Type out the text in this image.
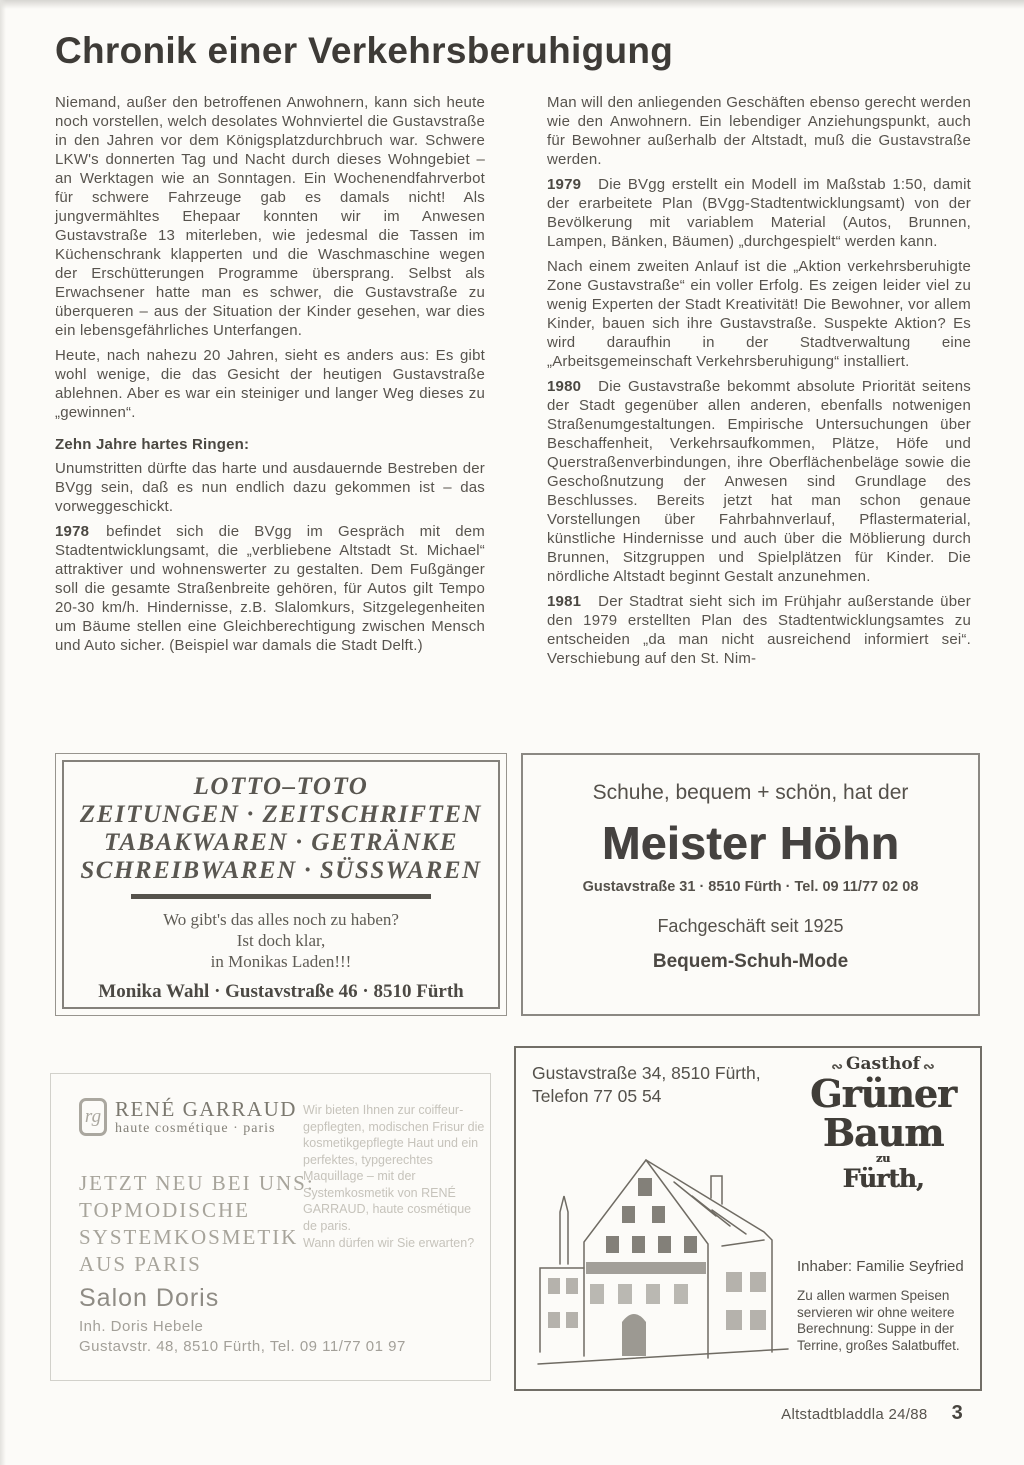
Chronik einer Verkehrsberuhigung

Niemand, außer den betroffenen Anwohnern, kann sich heute noch vorstellen, welch desolates Wohnviertel die Gustavstraße in den Jahren vor dem Königsplatzdurchbruch war. Schwere LKW's donnerten Tag und Nacht durch dieses Wohngebiet – an Werktagen wie an Sonntagen. Ein Wochenendfahrverbot für schwere Fahrzeuge gab es damals nicht! Als jungvermähltes Ehepaar konnten wir im Anwesen Gustavstraße 13 miterleben, wie jedesmal die Tassen im Küchenschrank klapperten und die Waschmaschine wegen der Erschütterungen Programme übersprang. Selbst als Erwachsener hatte man es schwer, die Gustavstraße zu überqueren – aus der Situation der Kinder gesehen, war dies ein lebensgefährliches Unterfangen.

Heute, nach nahezu 20 Jahren, sieht es anders aus: Es gibt wohl wenige, die das Gesicht der heutigen Gustavstraße ablehnen. Aber es war ein steiniger und langer Weg dieses zu „gewinnen“.

Zehn Jahre hartes Ringen:

Unumstritten dürfte das harte und ausdauernde Bestreben der BVgg sein, daß es nun endlich dazu gekommen ist – das vorweggeschickt.

1978 befindet sich die BVgg im Gespräch mit dem Stadtentwicklungsamt, die „verbliebene Altstadt St. Michael“ attraktiver und wohnenswerter zu gestalten. Dem Fußgänger soll die gesamte Straßenbreite gehören, für Autos gilt Tempo 20-30 km/h. Hindernisse, z.B. Slalomkurs, Sitzgelegenheiten um Bäume stellen eine Gleichberechtigung zwischen Mensch und Auto sicher. (Beispiel war damals die Stadt Delft.)

Man will den anliegenden Geschäften ebenso gerecht werden wie den Anwohnern. Ein lebendiger Anziehungspunkt, auch für Bewohner außerhalb der Altstadt, muß die Gustavstraße werden.

1979 Die BVgg erstellt ein Modell im Maßstab 1:50, damit der erarbeitete Plan (BVgg-Stadtentwicklungsamt) von der Bevölkerung mit variablem Material (Autos, Brunnen, Lampen, Bänken, Bäumen) „durchgespielt“ werden kann.

Nach einem zweiten Anlauf ist die „Aktion verkehrsberuhigte Zone Gustavstraße“ ein voller Erfolg. Es zeigen leider viel zu wenig Experten der Stadt Kreativität! Die Bewohner, vor allem Kinder, bauen sich ihre Gustavstraße. Suspekte Aktion? Es wird daraufhin in der Stadtverwaltung eine „Arbeitsgemeinschaft Verkehrsberuhigung“ installiert.

1980 Die Gustavstraße bekommt absolute Priorität seitens der Stadt gegenüber allen anderen, ebenfalls notwenigen Straßenumgestaltungen. Empirische Untersuchungen über Beschaffenheit, Verkehrsaufkommen, Plätze, Höfe und Querstraßenverbindungen, ihre Oberflächenbeläge sowie die Geschoßnutzung der Anwesen sind Grundlage des Beschlusses. Bereits jetzt hat man schon genaue Vorstellungen über Fahrbahnverlauf, Pflastermaterial, künstliche Hindernisse und auch über die Möblierung durch Brunnen, Sitzgruppen und Spielplätzen für Kinder. Die nördliche Altstadt beginnt Gestalt anzunehmen.

1981 Der Stadtrat sieht sich im Frühjahr außerstande über den 1979 erstellten Plan des Stadtentwicklungsamtes zu entscheiden „da man nicht ausreichend informiert sei“. Verschiebung auf den St. Nim-

LOTTO–TOTO
ZEITUNGEN · ZEITSCHRIFTEN
TABAKWAREN · GETRÄNKE
SCHREIBWAREN · SÜSSWAREN
Wo gibt's das alles noch zu haben?
Ist doch klar,
in Monikas Laden!!!
Monika Wahl · Gustavstraße 46 · 8510 Fürth
Schuhe, bequem + schön, hat der
Meister Höhn
Gustavstraße 31 · 8510 Fürth · Tel. 09 11/77 02 08
Fachgeschäft seit 1925
Bequem-Schuh-Mode
rg RENÉ GARRAUD
haute cosmétique · paris
JETZT NEU BEI UNS:
TOPMODISCHE
SYSTEMKOSMETIK
AUS PARIS
Wir bieten Ihnen zur coiffeur-gepflegten, modischen Frisur die kosmetikgepflegte Haut und ein perfektes, typgerechtes Maquillage – mit der Systemkosmetik von RENÉ GARRAUD, haute cosmétique de paris.
Wann dürfen wir Sie erwarten?
Salon Doris
Inh. Doris Hebele
Gustavstr. 48, 8510 Fürth, Tel. 09 11/77 01 97
Gustavstraße 34, 8510 Fürth,
Telefon 77 05 54
∾ Gasthof ∾
Grüner
Baum
zu
Fürth,
Inhaber: Familie Seyfried
Zu allen warmen Speisen servieren wir ohne weitere Berechnung: Suppe in der Terrine, großes Salatbuffet.
Altstadtbladdla 24/88 3
